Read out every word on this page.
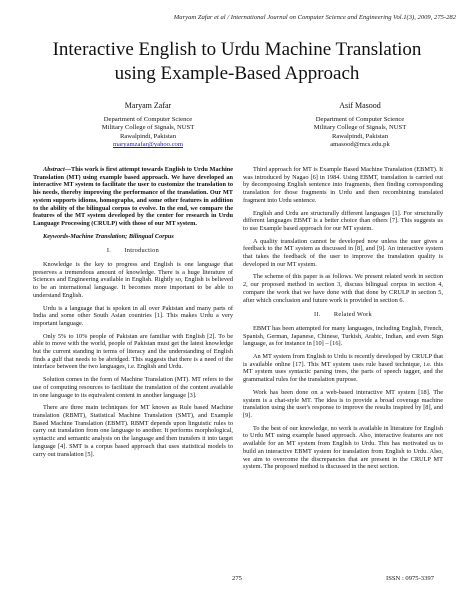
Maryam Zafar et al / International Journal on Computer Science and Engineering Vol.1(3), 2009, 275-282
Interactive English to Urdu Machine Translation
using Example-Based Approach
Maryam Zafar
Department of Computer Science
Military College of Signals, NUST
Rawalpindi, Pakistan
maryamzafar@yahoo.com
Asif Masood
Department of Computer Science
Military College of Signals, NUST
Rawalpindi, Pakistan
amasood@mcs.edu.pk

Abstract—This work is first attempt towards English to Urdu Machine Translation (MT) using example based approach. We have developed an interactive MT system to facilitate the user to customize the translation to his needs, thereby improving the performance of the translation. Our MT system supports idioms, homographs, and some other features in addition to the ability of the bilingual corpus to evolve. In the end, we compare the features of the MT system developed by the center for research in Urdu Language Processing (CRULP) with those of our MT system.

Keywords-Machine Translation; Bilingual Corpus

I.  Introduction

Knowledge is the key to progress and English is one language that preserves a tremendous amount of knowledge. There is a huge literature of Sciences and Engineering available in English. Rightly so, English is believed to be an international language. It becomes more important to be able to understand English.

Urdu is a language that is spoken in all over Pakistan and many parts of India and some other South Asian countries [1]. This makes Urdu a very important language.

Only 5% to 10% people of Pakistan are familiar with English [2]. To be able to move with the world, people of Pakistan must get the latest knowledge but the current standing in terms of literacy and the understanding of English finds a gulf that needs to be abridged. This suggests that there is a need of the interface between the two languages, i.e. English and Urdu.

Solution comes in the form of Machine Translation (MT). MT refers to the use of computing resources to facilitate the translation of the content available in one language to its equivalent content in another language [3].

There are three main techniques for MT known as Rule based Machine translation (RBMT), Statistical Machine Translation (SMT), and Example Based Machine Translation (EBMT). RBMT depends upon linguistic rules to carry out translation from one language to another. It performs morphological, syntactic and semantic analysis on the language and then transfers it into target language [4]. SMT is a corpus based approach that uses statistical models to carry out translation [5].

Third approach for MT is Example Based Machine Translation (EBMT). It was introduced by Nagao [6] in 1984. Using EBMT, translation is carried out by decomposing English sentence into fragments, then finding corresponding translation for those fragments in Urdu and then recombining translated fragment into Urdu sentence.

English and Urdu are structurally different languages [1]. For structurally different languages EBMT is a better choice than others [7]. This suggests us to use Example based approach for our MT system.

A quality translation cannot be developed now unless the user gives a feedback to the MT system as discussed in [8], and [9]. An interactive system that takes the feedback of the user to improve the translation quality is developed in our MT system.

The scheme of this paper is as follows. We present related work in section 2, our proposed method in section 3, discuss bilingual corpus in section 4, compare the work that we have done with that done by CRULP in section 5, after which conclusion and future work is provided in section 6.

II.  Related Work

EBMT has been attempted for many languages, including English, French, Spanish, German, Japanese, Chinese, Turkish, Arabic, Indian, and even Sign language, as for instance in [10] – [16].

An MT system from English to Urdu is recently developed by CRULP that is available online [17]. This MT system uses rule based technique, i.e. this MT system uses syntactic parsing trees, the parts of speech tagger, and the grammatical rules for the translation purpose.

Work has been done on a web-based interactive MT system [18]. The system is a chat-style MT. The idea is to provide a broad coverage machine translation using the user's response to improve the results inspired by [8], and [9].

To the best of our knowledge, no work is available in literature for English to Urdu MT using example based approach. Also, interactive features are not available for an MT system from English to Urdu. This has motivated us to build an interactive EBMT system for translation from English to Urdu. Also, we aim to overcome the discrepancies that are present in the CRULP MT system. The proposed method is discussed in the next section.

275	ISSN : 0975-3397
